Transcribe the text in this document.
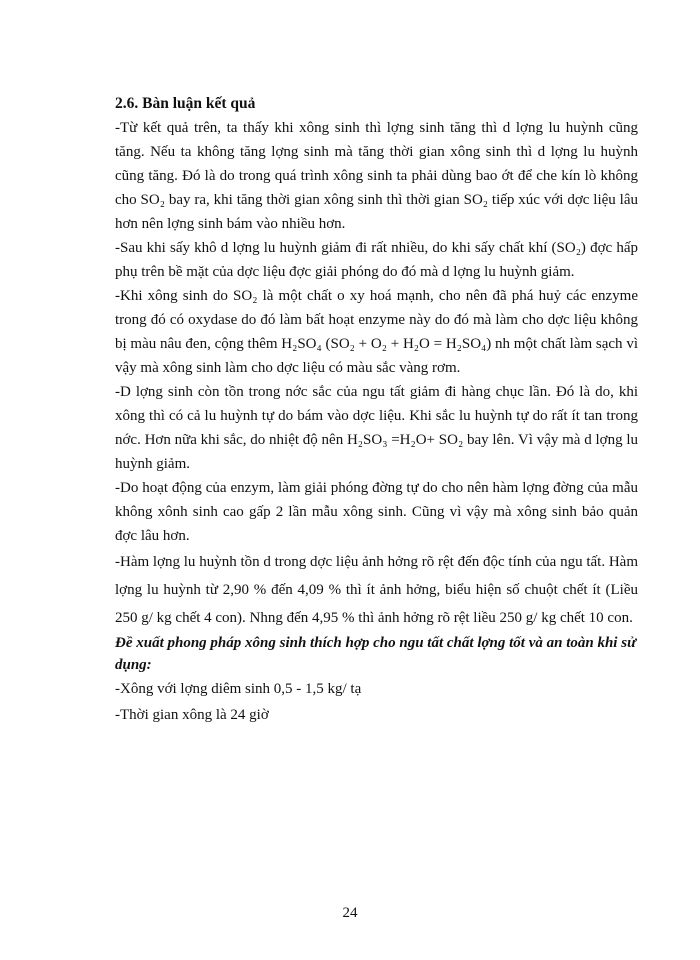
2.6. Bàn luận kết quả

-Từ kết quả trên, ta thấy khi xông sinh thì lợng sinh tăng thì d lợng lu huỳnh cũng tăng. Nếu ta không tăng lợng sinh mà tăng thời gian xông sinh thì d lợng lu huỳnh cũng tăng. Đó là do trong quá trình xông sinh ta phải dùng bao ớt để che kín lò không cho SO₂ bay ra, khi tăng thời gian xông sinh thì thời gian SO₂ tiếp xúc với dợc liệu lâu hơn nên lợng sinh bám vào nhiều hơn.

-Sau khi sấy khô d lợng lu huỳnh giảm đi rất nhiều, do khi sấy chất khí (SO₂) đợc hấp phụ trên bề mặt của dợc liệu đợc giải phóng do đó mà d lợng lu huỳnh giảm.

-Khi xông sinh do SO₂ là một chất o xy hoá mạnh, cho nên đã phá huỷ các enzyme trong đó có oxydase do đó làm bất hoạt enzyme này do đó mà làm cho dợc liệu không bị màu nâu đen, cộng thêm H₂SO₄ (SO₂ + O₂ + H₂O = H₂SO₄) nh một chất làm sạch vì vậy mà xông sinh làm cho dợc liệu có màu sắc vàng rơm.

-D lợng sinh còn tồn trong nớc sắc của ngu tất giảm đi hàng chục lần. Đó là do, khi xông thì có cả lu huỳnh tự do bám vào dợc liệu. Khi sắc lu huỳnh tự do rất ít tan trong nớc. Hơn nữa khi sắc, do nhiệt độ nên H₂SO₃ =H₂O+ SO₂ bay lên. Vì vậy mà d lợng lu huỳnh giảm.

-Do hoạt động của enzym, làm giải phóng đờng tự do cho nên hàm lợng đờng của mẫu không xônh sinh cao gấp 2 lần mẫu xông sinh. Cũng vì vậy mà xông sinh bảo quản đợc lâu hơn.

-Hàm lợng lu huỳnh tồn d trong dợc liệu ảnh hởng rõ rệt đến độc tính của ngu tất. Hàm lợng lu huỳnh từ 2,90 % đến 4,09 % thì ít ảnh hởng, biểu hiện số chuột chết ít (Liều 250 g/ kg chết 4 con). Nhng đến 4,95 % thì ảnh hởng rõ rệt liều 250 g/ kg chết 10 con.

Đề xuất phong pháp xông sinh thích hợp cho ngu tất chất lợng tốt và an toàn khi sử dụng:

-Xông với lợng diêm sinh 0,5 - 1,5 kg/ tạ

-Thời gian xông là 24 giờ

24
